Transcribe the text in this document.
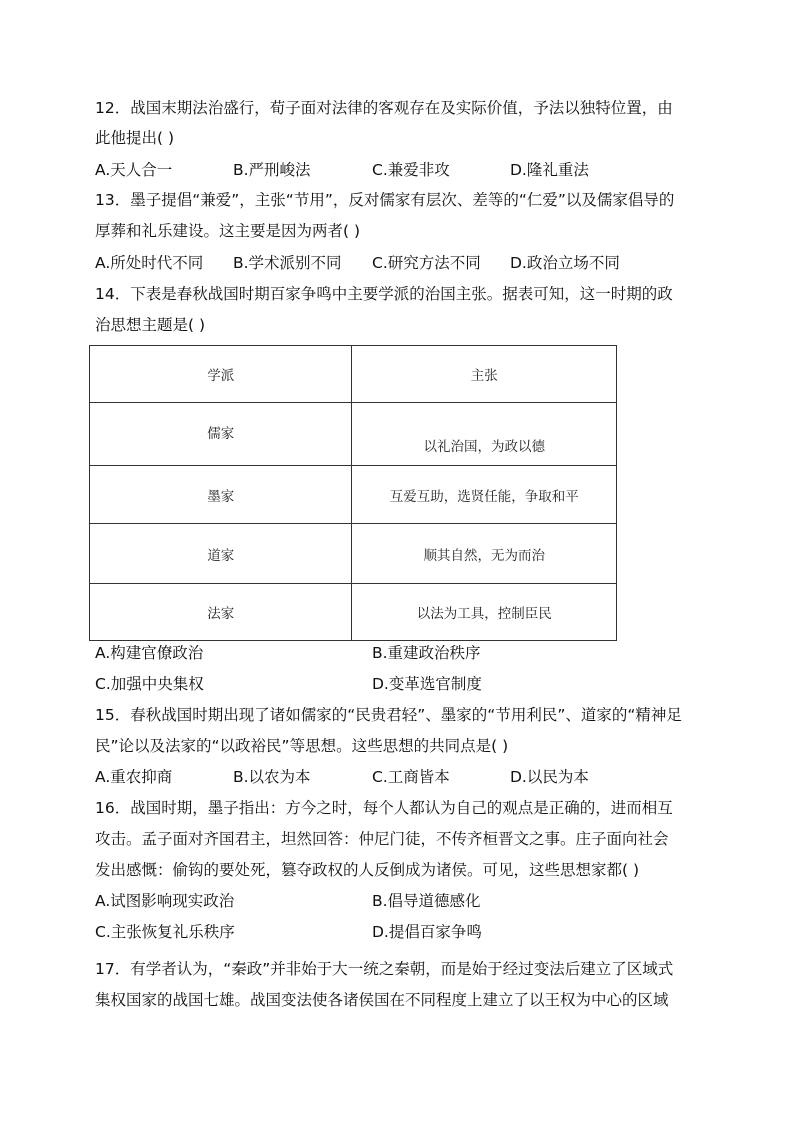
12．战国末期法治盛行，荀子面对法律的客观存在及实际价值，予法以独特位置，由
此他提出( )
A.天人合一	B.严刑峻法	C.兼爱非攻	D.隆礼重法
13．墨子提倡“兼爱”，主张“节用”，反对儒家有层次、差等的“仁爱”以及儒家倡导的
厚葬和礼乐建设。这主要是因为两者( )
A.所处时代不同 B.学术派别不同 C.研究方法不同 D.政治立场不同
14．下表是春秋战国时期百家争鸣中主要学派的治国主张。据表可知，这一时期的政
治思想主题是( )
学派	主张
儒家	以礼治国，为政以德
墨家	互爱互助，选贤任能，争取和平
道家	顺其自然，无为而治
法家	以法为工具，控制臣民
A.构建官僚政治	B.重建政治秩序
C.加强中央集权	D.变革选官制度
15．春秋战国时期出现了诸如儒家的“民贵君轻”、墨家的“节用利民”、道家的“精神足
民”论以及法家的“以政裕民”等思想。这些思想的共同点是( )
A.重农抑商	B.以农为本	C.工商皆本	D.以民为本
16．战国时期，墨子指出：方今之时，每个人都认为自己的观点是正确的，进而相互
攻击。孟子面对齐国君主，坦然回答：仲尼门徒，不传齐桓晋文之事。庄子面向社会
发出感慨：偷钩的要处死，篡夺政权的人反倒成为诸侯。可见，这些思想家都( )
A.试图影响现实政治	B.倡导道德感化
C.主张恢复礼乐秩序	D.提倡百家争鸣
17．有学者认为，“秦政”并非始于大一统之秦朝，而是始于经过变法后建立了区域式
集权国家的战国七雄。战国变法使各诸侯国在不同程度上建立了以王权为中心的区域
